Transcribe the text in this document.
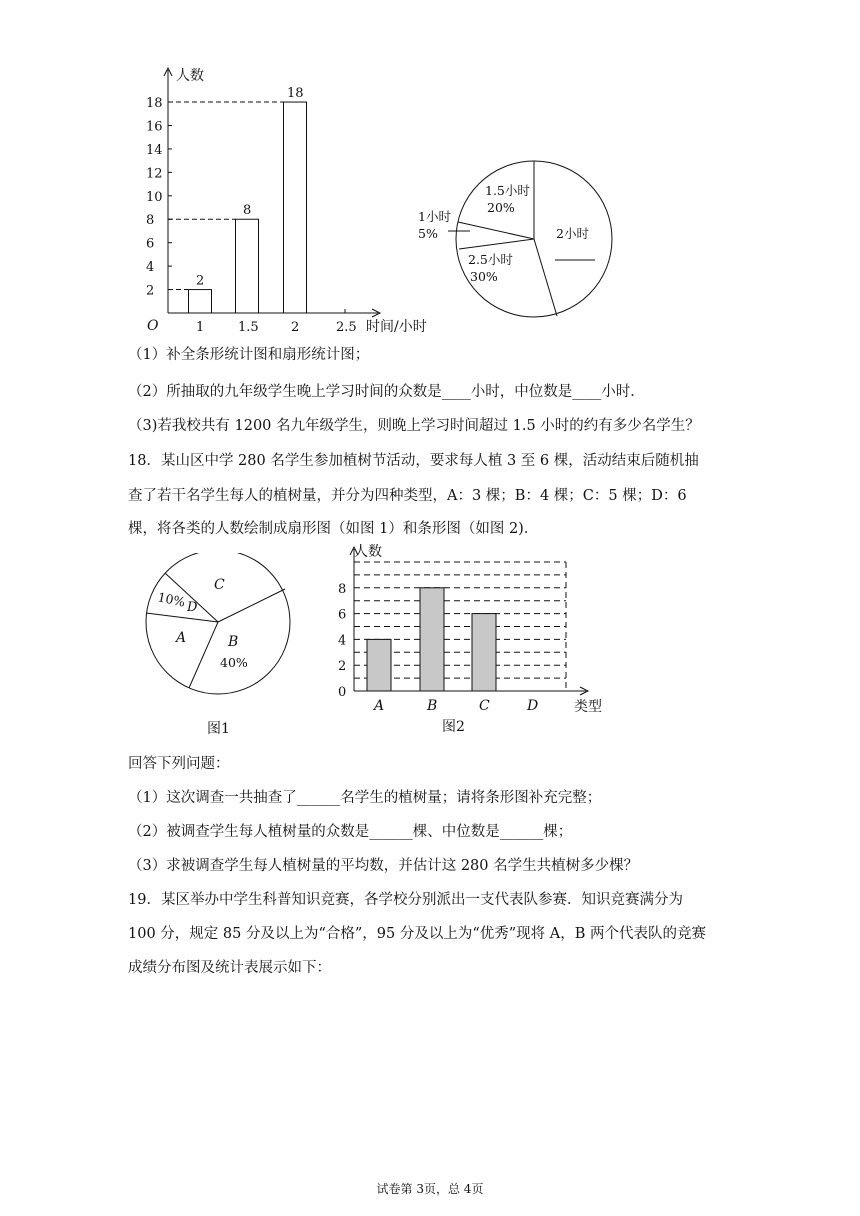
2
4
6
8
10
12
14
16
18
1	1.5 2	2.5
2
8
18
人数
时间/小时
O
1.5小时
20%
1小时
5%
2.5小时
30%
2小时
（1）补全条形统计图和扇形统计图；
（2）所抽取的九年级学生晚上学习时间的众数是____小时，中位数是____小时．
（3)若我校共有 1200 名九年级学生，则晚上学习时间超过 1.5 小时的约有多少名学生？
18．某山区中学 280 名学生参加植树节活动，要求每人植 3 至 6 棵，活动结束后随机抽
查了若干名学生每人的植树量，并分为四种类型，A：3 棵；B：4 棵；C：5 棵；D：6
棵，将各类的人数绘制成扇形图（如图 1）和条形图（如图 2)．
C
10% D
A	B
40%
图1
0
2
4
6
8
A	B	C	D
人数
类型
图2
回答下列问题：
（1）这次调查一共抽查了______名学生的植树量；请将条形图补充完整；
（2）被调查学生每人植树量的众数是______棵、中位数是______棵；
（3）求被调查学生每人植树量的平均数，并估计这 280 名学生共植树多少棵？
19．某区举办中学生科普知识竞赛，各学校分别派出一支代表队参赛．知识竞赛满分为
100 分，规定 85 分及以上为“合格”，95 分及以上为“优秀”现将 A，B 两个代表队的竞赛
成绩分布图及统计表展示如下：
试卷第 3页，总 4页
